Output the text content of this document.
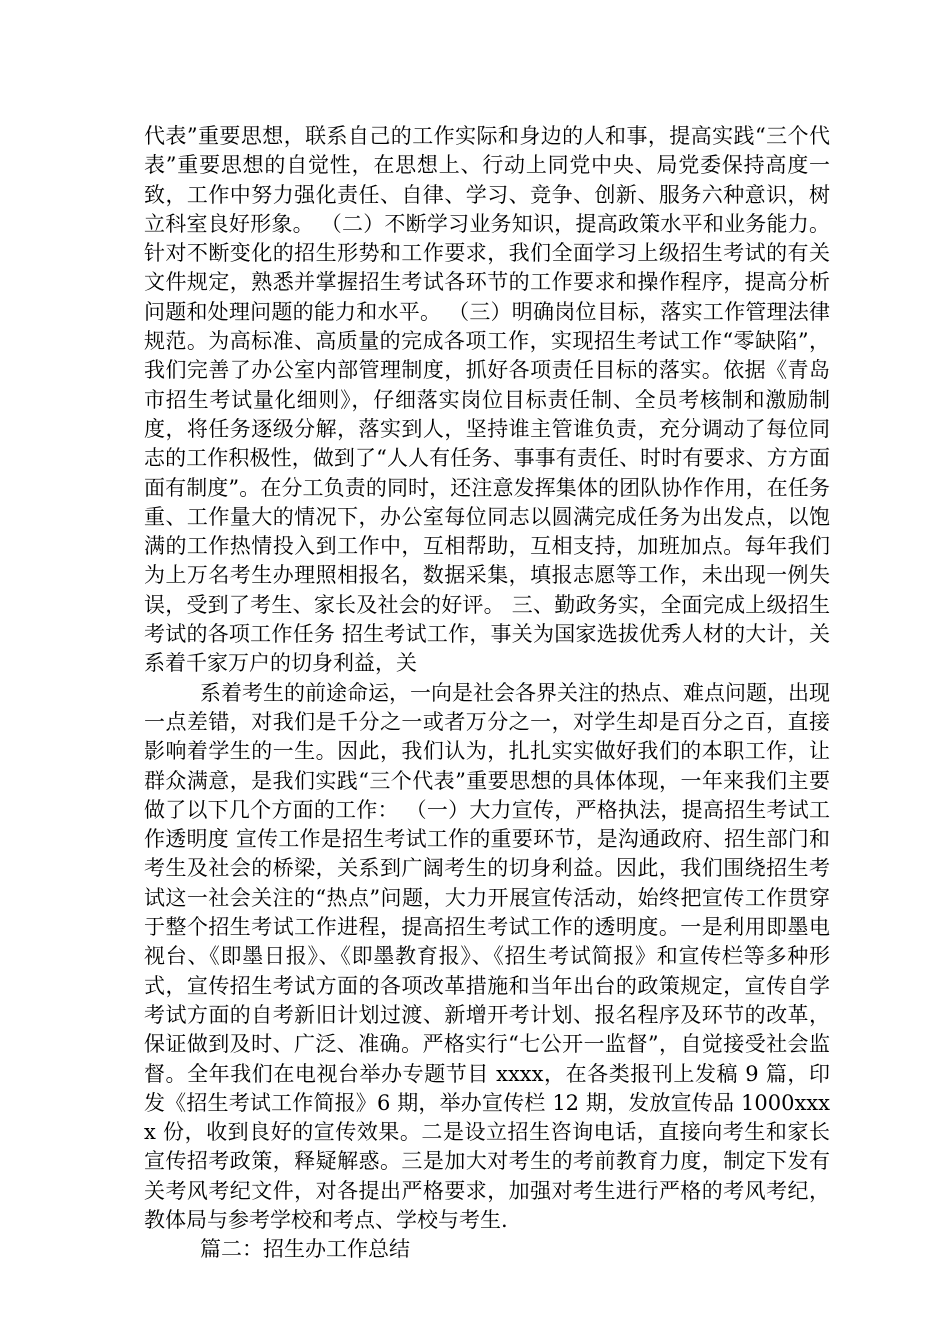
代表”重要思想，联系自己的工作实际和身边的人和事，提高实践“三个代表”重要思想的自觉性，在思想上、行动上同党中央、局党委保持高度一致，工作中努力强化责任、自律、学习、竞争、创新、服务六种意识，树立科室良好形象。 （二）不断学习业务知识，提高政策水平和业务能力。针对不断变化的招生形势和工作要求，我们全面学习上级招生考试的有关文件规定，熟悉并掌握招生考试各环节的工作要求和操作程序，提高分析问题和处理问题的能力和水平。 （三）明确岗位目标，落实工作管理法律规范。为高标准、高质量的完成各项工作，实现招生考试工作“零缺陷”，我们完善了办公室内部管理制度，抓好各项责任目标的落实。依据《青岛市招生考试量化细则》，仔细落实岗位目标责任制、全员考核制和激励制度，将任务逐级分解，落实到人，坚持谁主管谁负责，充分调动了每位同志的工作积极性，做到了“人人有任务、事事有责任、时时有要求、方方面面有制度”。在分工负责的同时，还注意发挥集体的团队协作作用，在任务重、工作量大的情况下，办公室每位同志以圆满完成任务为出发点，以饱满的工作热情投入到工作中，互相帮助，互相支持，加班加点。每年我们为上万名考生办理照相报名，数据采集，填报志愿等工作，未出现一例失误，受到了考生、家长及社会的好评。 三、勤政务实，全面完成上级招生考试的各项工作任务 招生考试工作，事关为国家选拔优秀人材的大计，关系着千家万户的切身利益，关

系着考生的前途命运，一向是社会各界关注的热点、难点问题，出现一点差错，对我们是千分之一或者万分之一，对学生却是百分之百，直接影响着学生的一生。因此，我们认为，扎扎实实做好我们的本职工作，让群众满意，是我们实践“三个代表”重要思想的具体体现，一年来我们主要做了以下几个方面的工作： （一）大力宣传，严格执法，提高招生考试工作透明度 宣传工作是招生考试工作的重要环节，是沟通政府、招生部门和考生及社会的桥梁，关系到广阔考生的切身利益。因此，我们围绕招生考试这一社会关注的“热点”问题，大力开展宣传活动，始终把宣传工作贯穿于整个招生考试工作进程，提高招生考试工作的透明度。一是利用即墨电视台、《即墨日报》、《即墨教育报》、《招生考试简报》和宣传栏等多种形式，宣传招生考试方面的各项改革措施和当年出台的政策规定，宣传自学考试方面的自考新旧计划过渡、新增开考计划、报名程序及环节的改革，保证做到及时、广泛、准确。严格实行“七公开一监督”，自觉接受社会监督。全年我们在电视台举办专题节目 xxxx，在各类报刊上发稿 9 篇，印发《招生考试工作简报》6 期，举办宣传栏 12 期，发放宣传品 1000xxxx 份，收到良好的宣传效果。二是设立招生咨询电话，直接向考生和家长宣传招考政策，释疑解惑。三是加大对考生的考前教育力度，制定下发有关考风考纪文件，对各提出严格要求，加强对考生进行严格的考风考纪，教体局与参考学校和考点、学校与考生.

篇二：招生办工作总结
